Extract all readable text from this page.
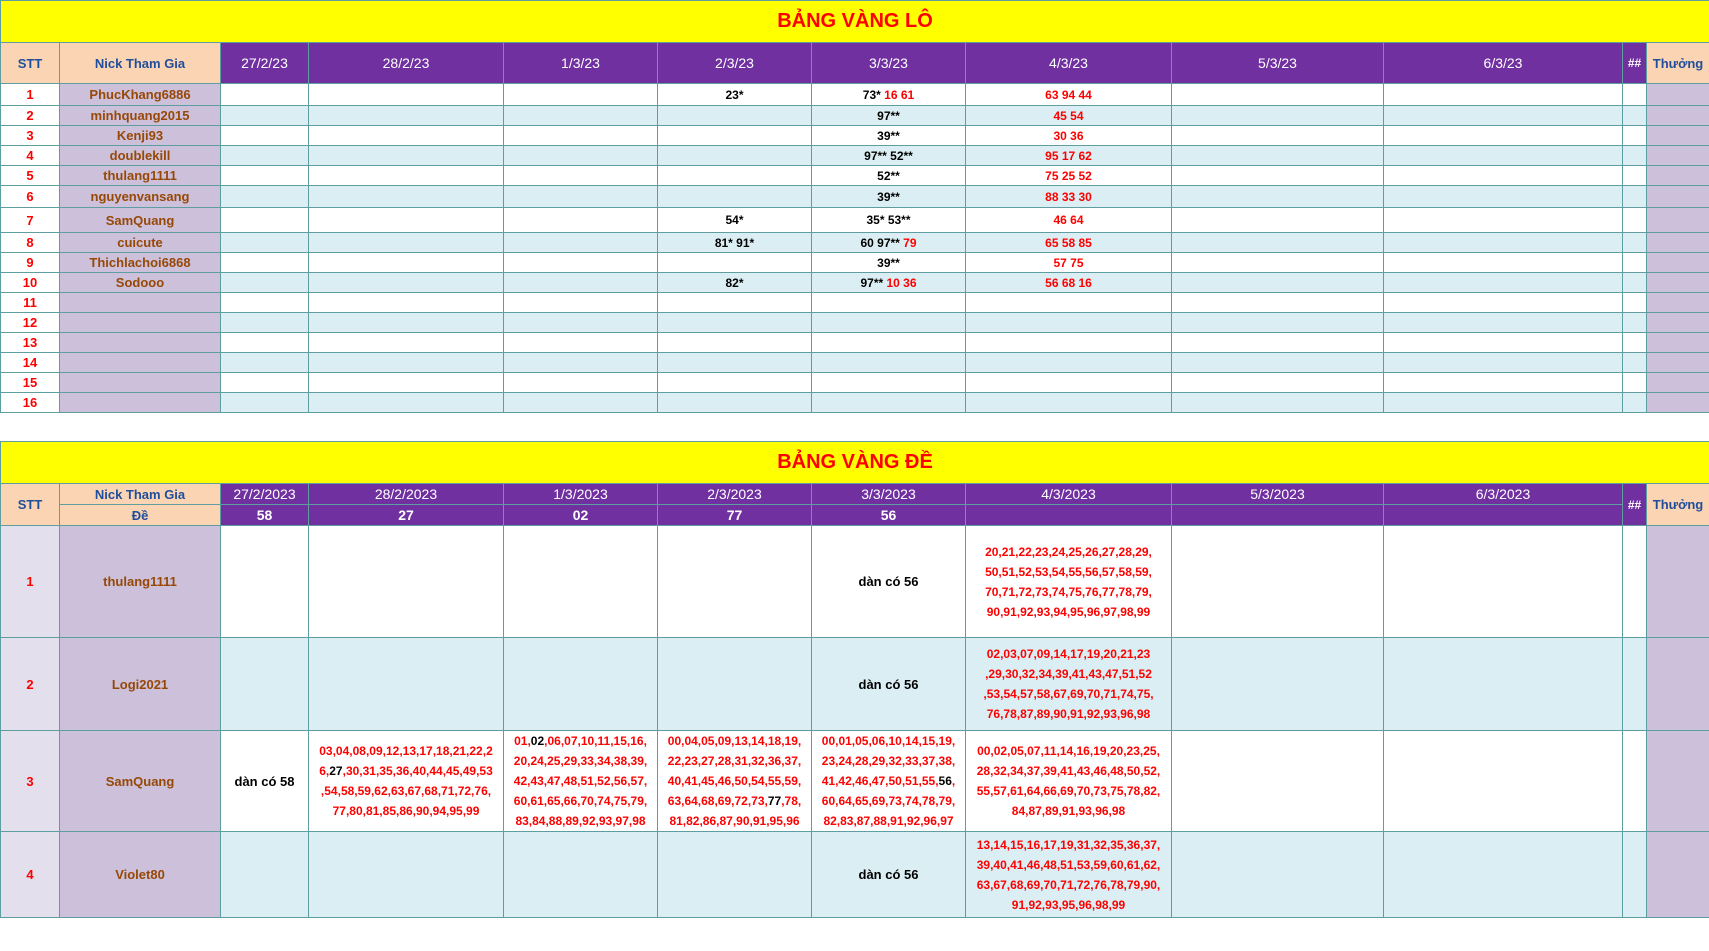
BẢNG VÀNG LÔ											
STT	Nick Tham Gia	27/2/23	28/2/23	1/3/23	2/3/23	3/3/23	4/3/23	5/3/23	6/3/23	##	Thưởng
1	PhucKhang6886				23*	73* 16 61	63 94 44				
2	minhquang2015					97**	45 54				
3	Kenji93					39**	30 36				
4	doublekill					97** 52**	95 17 62				
5	thulang1111					52**	75 25 52				
6	nguyenvansang					39**	88 33 30				
7	SamQuang				54*	35* 53**	46 64				
8	cuicute				81* 91*	60 97** 79	65 58 85				
9	Thichlachoi6868					39**	57 75				
10	Sodooo				82*	97** 10 36	56 68 16				
11											
12											
13											
14											
15											
16											
BẢNG VÀNG ĐỀ											
STT	Nick Tham Gia	27/2/2023	28/2/2023	1/3/2023	2/3/2023	3/3/2023	4/3/2023	5/3/2023	6/3/2023	##	Thưởng
	Đề	58	27	02	77	56					
1	thulang1111					dàn có 56	20,21,22,23,24,25,26,27,28,29,
50,51,52,53,54,55,56,57,58,59,
70,71,72,73,74,75,76,77,78,79,
90,91,92,93,94,95,96,97,98,99				

2	Logi2021					dàn có 56	02,03,07,09,14,17,19,20,21,23
,29,30,32,34,39,41,43,47,51,52
,53,54,57,58,67,69,70,71,74,75,
76,78,87,89,90,91,92,93,96,98				

3	SamQuang	dàn có 58	03,04,08,09,12,13,17,18,21,22,2
6,27,30,31,35,36,40,44,45,49,53
,54,58,59,62,63,67,68,71,72,76,
77,80,81,85,86,90,94,95,99	01,02,06,07,10,11,15,16,
20,24,25,29,33,34,38,39,
42,43,47,48,51,52,56,57,
60,61,65,66,70,74,75,79,
83,84,88,89,92,93,97,98	00,04,05,09,13,14,18,19,
22,23,27,28,31,32,36,37,
40,41,45,46,50,54,55,59,
63,64,68,69,72,73,77,78,
81,82,86,87,90,91,95,96	00,01,05,06,10,14,15,19,
23,24,28,29,32,33,37,38,
41,42,46,47,50,51,55,56,
60,64,65,69,73,74,78,79,
82,83,87,88,91,92,96,97	00,02,05,07,11,14,16,19,20,23,25,
28,32,34,37,39,41,43,46,48,50,52,
55,57,61,64,66,69,70,73,75,78,82,
84,87,89,91,93,96,98				

4	Violet80					dàn có 56	13,14,15,16,17,19,31,32,35,36,37,
39,40,41,46,48,51,53,59,60,61,62,
63,67,68,69,70,71,72,76,78,79,90,
91,92,93,95,96,98,99				
